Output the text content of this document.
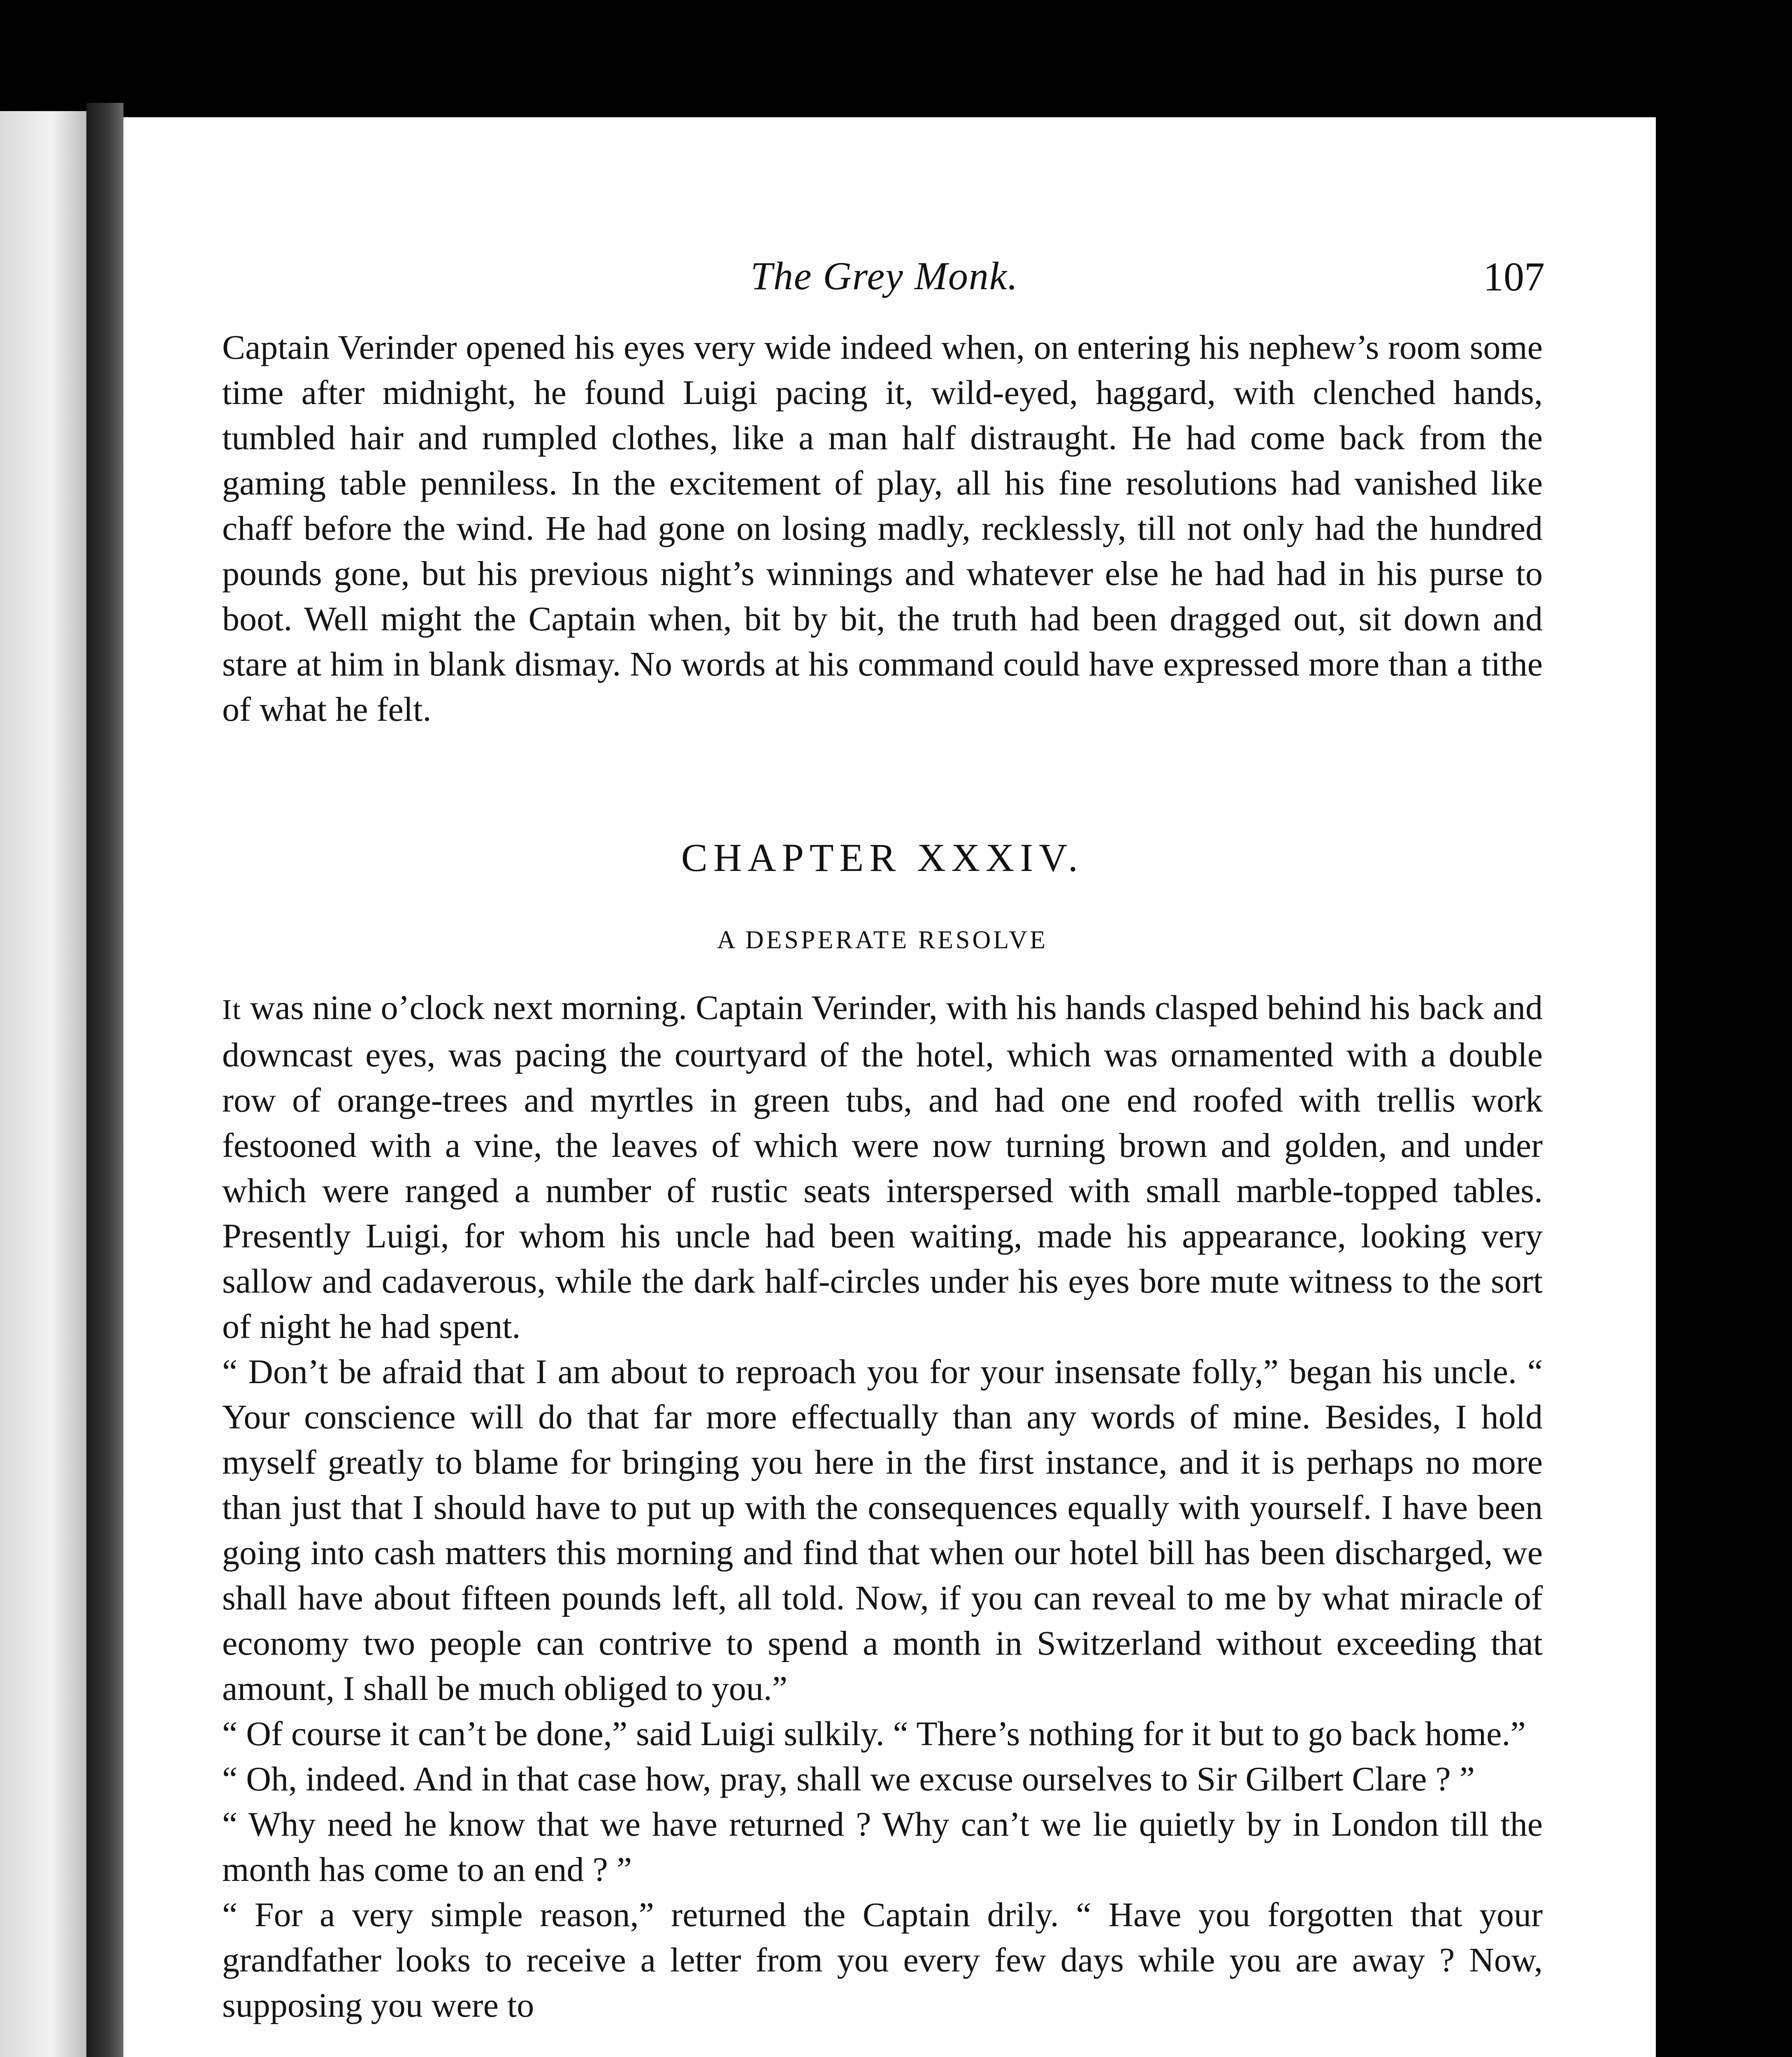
The Grey Monk.	107

Captain Verinder opened his eyes very wide indeed when, on entering his nephew’s room some time after midnight, he found Luigi pacing it, wild-eyed, haggard, with clenched hands, tumbled hair and rumpled clothes, like a man half distraught. He had come back from the gaming table penniless. In the excitement of play, all his fine resolutions had vanished like chaff before the wind. He had gone on losing madly, recklessly, till not only had the hundred pounds gone, but his previous night’s winnings and whatever else he had had in his purse to boot. Well might the Captain when, bit by bit, the truth had been dragged out, sit down and stare at him in blank dismay. No words at his command could have expressed more than a tithe of what he felt.

CHAPTER XXXIV.
A DESPERATE RESOLVE

It was nine o’clock next morning. Captain Verinder, with his hands clasped behind his back and downcast eyes, was pacing the courtyard of the hotel, which was ornamented with a double row of orange-trees and myrtles in green tubs, and had one end roofed with trellis work festooned with a vine, the leaves of which were now turning brown and golden, and under which were ranged a number of rustic seats interspersed with small marble-topped tables. Presently Luigi, for whom his uncle had been waiting, made his appearance, looking very sallow and cadaverous, while the dark half-circles under his eyes bore mute witness to the sort of night he had spent.

“ Don’t be afraid that I am about to reproach you for your insensate folly,” began his uncle. “ Your conscience will do that far more effectually than any words of mine. Besides, I hold myself greatly to blame for bringing you here in the first instance, and it is perhaps no more than just that I should have to put up with the consequences equally with yourself. I have been going into cash matters this morning and find that when our hotel bill has been discharged, we shall have about fifteen pounds left, all told. Now, if you can reveal to me by what miracle of economy two people can contrive to spend a month in Switzerland without exceeding that amount, I shall be much obliged to you.”

“ Of course it can’t be done,” said Luigi sulkily. “ There’s nothing for it but to go back home.”

“ Oh, indeed. And in that case how, pray, shall we excuse ourselves to Sir Gilbert Clare ? ”

“ Why need he know that we have returned ? Why can’t we lie quietly by in London till the month has come to an end ? ”

“ For a very simple reason,” returned the Captain drily. “ Have you forgotten that your grandfather looks to receive a letter from you every few days while you are away ? Now, supposing you were to
